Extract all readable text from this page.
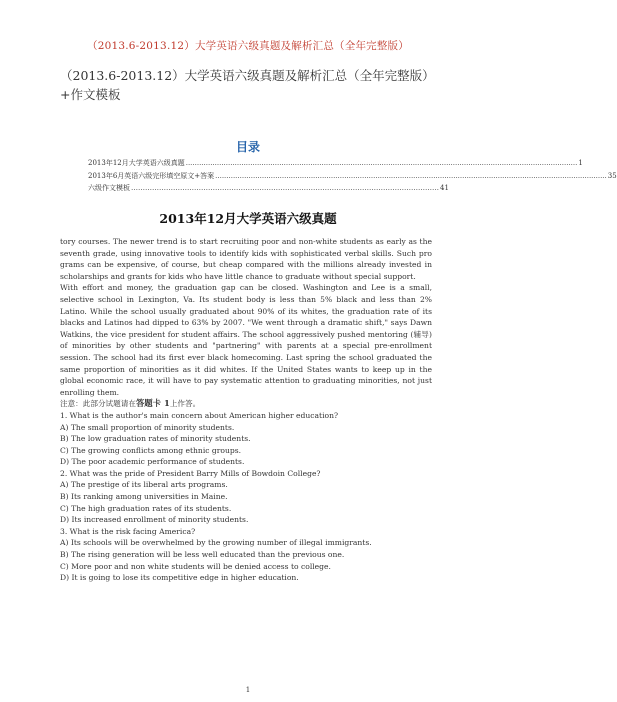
（2013.6-2013.12）大学英语六级真题及解析汇总（全年完整版）
（2013.6-2013.12）大学英语六级真题及解析汇总（全年完整版）+作文模板
目录
2013年12月大学英语六级真题 ................................................................................................................................................................................ 1
2013年6月英语六级完形填空原文+答案 ................................................................................................................................................................................ 35
六级作文模板 …………………………………………………………………………………………………………………… 41
2013年12月大学英语六级真题

tory courses. The newer trend is to start recruiting poor and non-white students as early as the seventh grade, using innovative tools to identify kids with sophisticated verbal skills. Such pro grams can be expensive, of course, but cheap compared with the millions already invested in scholarships and grants for kids who have little chance to graduate without special support.

With effort and money, the graduation gap can be closed. Washington and Lee is a small, selective school in Lexington, Va. Its student body is less than 5% black and less than 2% Latino. While the school usually graduated about 90% of its whites, the graduation rate of its blacks and Latinos had dipped to 63% by 2007. "We went through a dramatic shift," says Dawn Watkins, the vice president for student affairs. The school aggressively pushed mentoring (辅导) of minorities by other students and "partnering" with parents at a special pre-enrollment session. The school had its first ever black homecoming. Last spring the school graduated the same proportion of minorities as it did whites. If the United States wants to keep up in the global economic race, it will have to pay systematic attention to graduating minorities, not just enrolling them.

注意：此部分试题请在答题卡 1上作答。
1. What is the author's main concern about American higher education?
A) The small proportion of minority students.
B) The low graduation rates of minority students.
C) The growing conflicts among ethnic groups.
D) The poor academic performance of students.
2. What was the pride of President Barry Mills of Bowdoin College?
A) The prestige of its liberal arts programs.
B) Its ranking among universities in Maine.
C) The high graduation rates of its students.
D) Its increased enrollment of minority students.
3. What is the risk facing America?
A) Its schools will be overwhelmed by the growing number of illegal immigrants.
B) The rising generation will be less well educated than the previous one.
C) More poor and non white students will be denied access to college.
D) It is going to lose its competitive edge in higher education.
1
